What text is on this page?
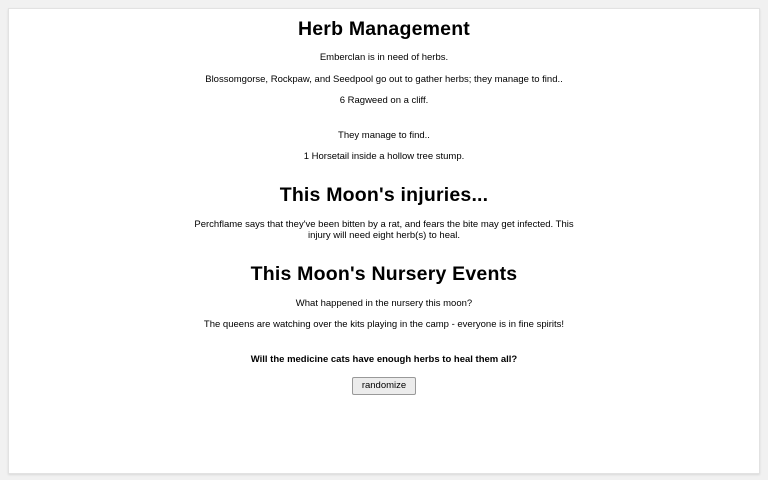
Herb Management

Emberclan is in need of herbs.

Blossomgorse, Rockpaw, and Seedpool go out to gather herbs; they manage to find..

6 Ragweed on a cliff.

They manage to find..

1 Horsetail inside a hollow tree stump.

This Moon's injuries...

Perchflame says that they've been bitten by a rat, and fears the bite may get infected. This
injury will need eight herb(s) to heal.

This Moon's Nursery Events

What happened in the nursery this moon?

The queens are watching over the kits playing in the camp - everyone is in fine spirits!

Will the medicine cats have enough herbs to heal them all?

randomize
